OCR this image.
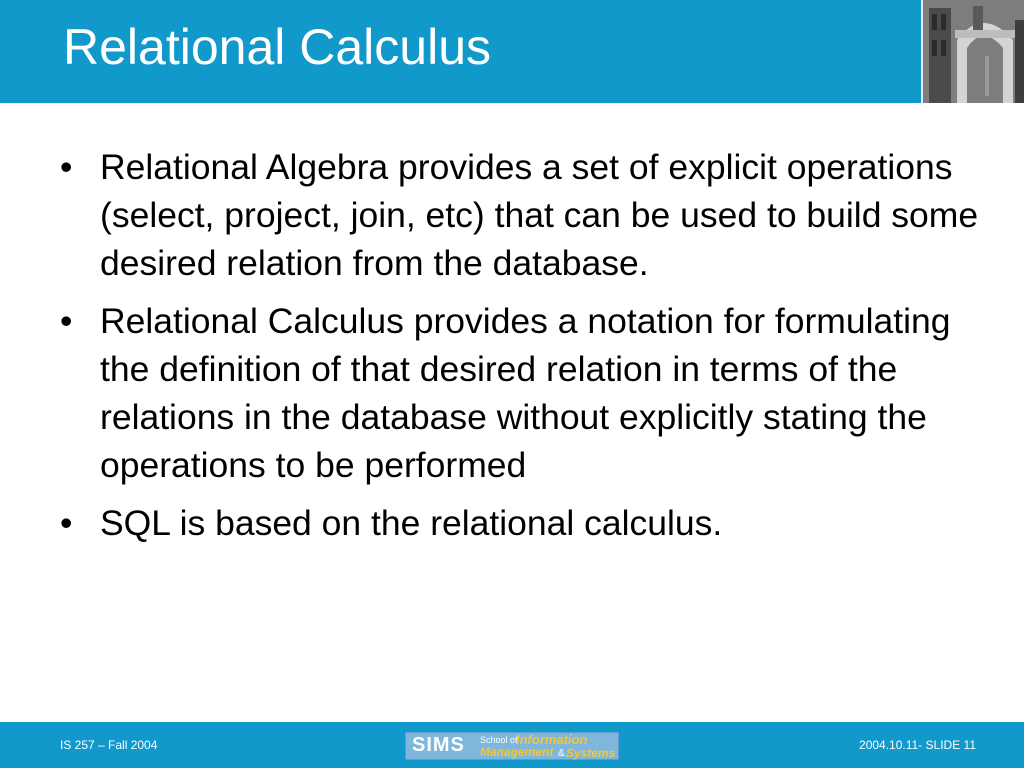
Relational Calculus
• Relational Algebra provides a set of explicit operations (select, project, join, etc) that can be used to build some desired relation from the database.
• Relational Calculus provides a notation for formulating the definition of that desired relation in terms of the relations in the database without explicitly stating the operations to be performed
• SQL is based on the relational calculus.
IS 257 – Fall 2004	SIMS School of
Information
Management & Systems
2004.10.11- SLIDE 11
